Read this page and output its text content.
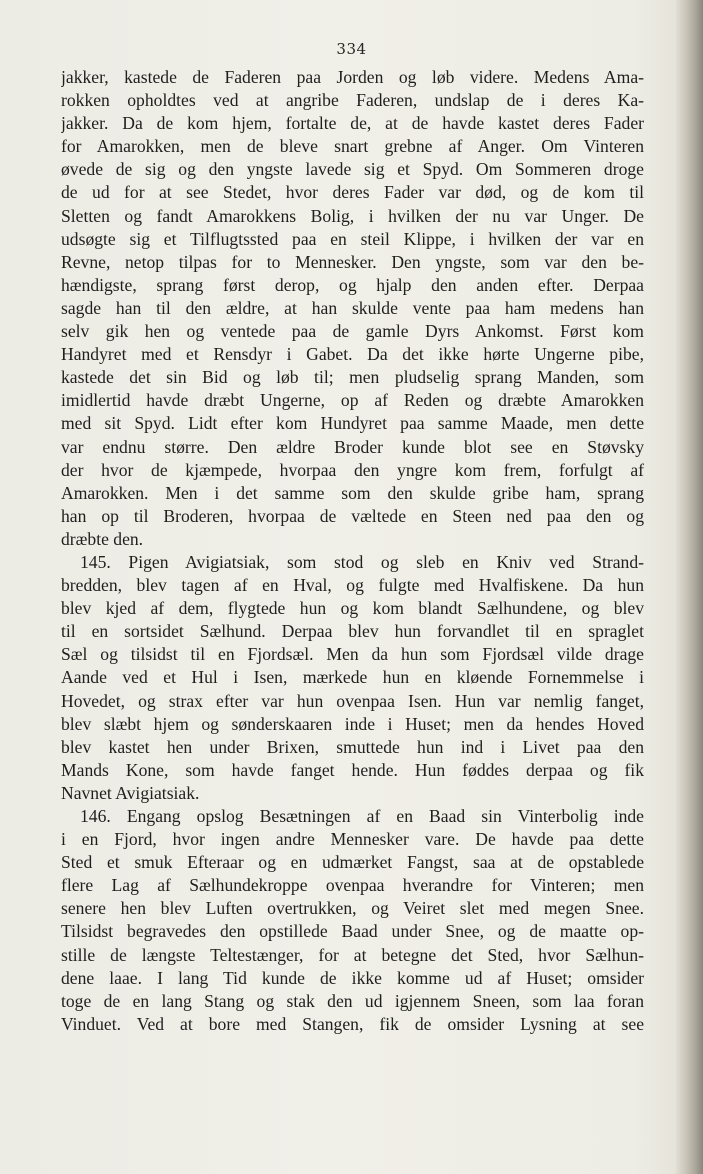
334

jakker, kastede de Faderen paa Jorden og løb videre. Medens Ama-
rokken opholdtes ved at angribe Faderen, undslap de i deres Ka-
jakker. Da de kom hjem, fortalte de, at de havde kastet deres Fader
for Amarokken, men de bleve snart grebne af Anger. Om Vinteren
øvede de sig og den yngste lavede sig et Spyd. Om Sommeren droge
de ud for at see Stedet, hvor deres Fader var død, og de kom til
Sletten og fandt Amarokkens Bolig, i hvilken der nu var Unger. De
udsøgte sig et Tilflugtssted paa en steil Klippe, i hvilken der var en
Revne, netop tilpas for to Mennesker. Den yngste, som var den be-
hændigste, sprang først derop, og hjalp den anden efter. Derpaa
sagde han til den ældre, at han skulde vente paa ham medens han
selv gik hen og ventede paa de gamle Dyrs Ankomst. Først kom
Handyret med et Rensdyr i Gabet. Da det ikke hørte Ungerne pibe,
kastede det sin Bid og løb til; men pludselig sprang Manden, som
imidlertid havde dræbt Ungerne, op af Reden og dræbte Amarokken
med sit Spyd. Lidt efter kom Hundyret paa samme Maade, men dette
var endnu større. Den ældre Broder kunde blot see en Støvsky
der hvor de kjæmpede, hvorpaa den yngre kom frem, forfulgt af
Amarokken. Men i det samme som den skulde gribe ham, sprang
han op til Broderen, hvorpaa de væltede en Steen ned paa den og
dræbte den.
145. Pigen Avigiatsiak, som stod og sleb en Kniv ved Strand-
bredden, blev tagen af en Hval, og fulgte med Hvalfiskene. Da hun
blev kjed af dem, flygtede hun og kom blandt Sælhundene, og blev
til en sortsidet Sælhund. Derpaa blev hun forvandlet til en spraglet
Sæl og tilsidst til en Fjordsæl. Men da hun som Fjordsæl vilde drage
Aande ved et Hul i Isen, mærkede hun en kløende Fornemmelse i
Hovedet, og strax efter var hun ovenpaa Isen. Hun var nemlig fanget,
blev slæbt hjem og sønderskaaren inde i Huset; men da hendes Hoved
blev kastet hen under Brixen, smuttede hun ind i Livet paa den
Mands Kone, som havde fanget hende. Hun føddes derpaa og fik
Navnet Avigiatsiak.
146. Engang opslog Besætningen af en Baad sin Vinterbolig inde
i en Fjord, hvor ingen andre Mennesker vare. De havde paa dette
Sted et smuk Efteraar og en udmærket Fangst, saa at de opstablede
flere Lag af Sælhundekroppe ovenpaa hverandre for Vinteren; men
senere hen blev Luften overtrukken, og Veiret slet med megen Snee.
Tilsidst begravedes den opstillede Baad under Snee, og de maatte op-
stille de længste Teltestænger, for at betegne det Sted, hvor Sælhun-
dene laae. I lang Tid kunde de ikke komme ud af Huset; omsider
toge de en lang Stang og stak den ud igjennem Sneen, som laa foran
Vinduet. Ved at bore med Stangen, fik de omsider Lysning at see
